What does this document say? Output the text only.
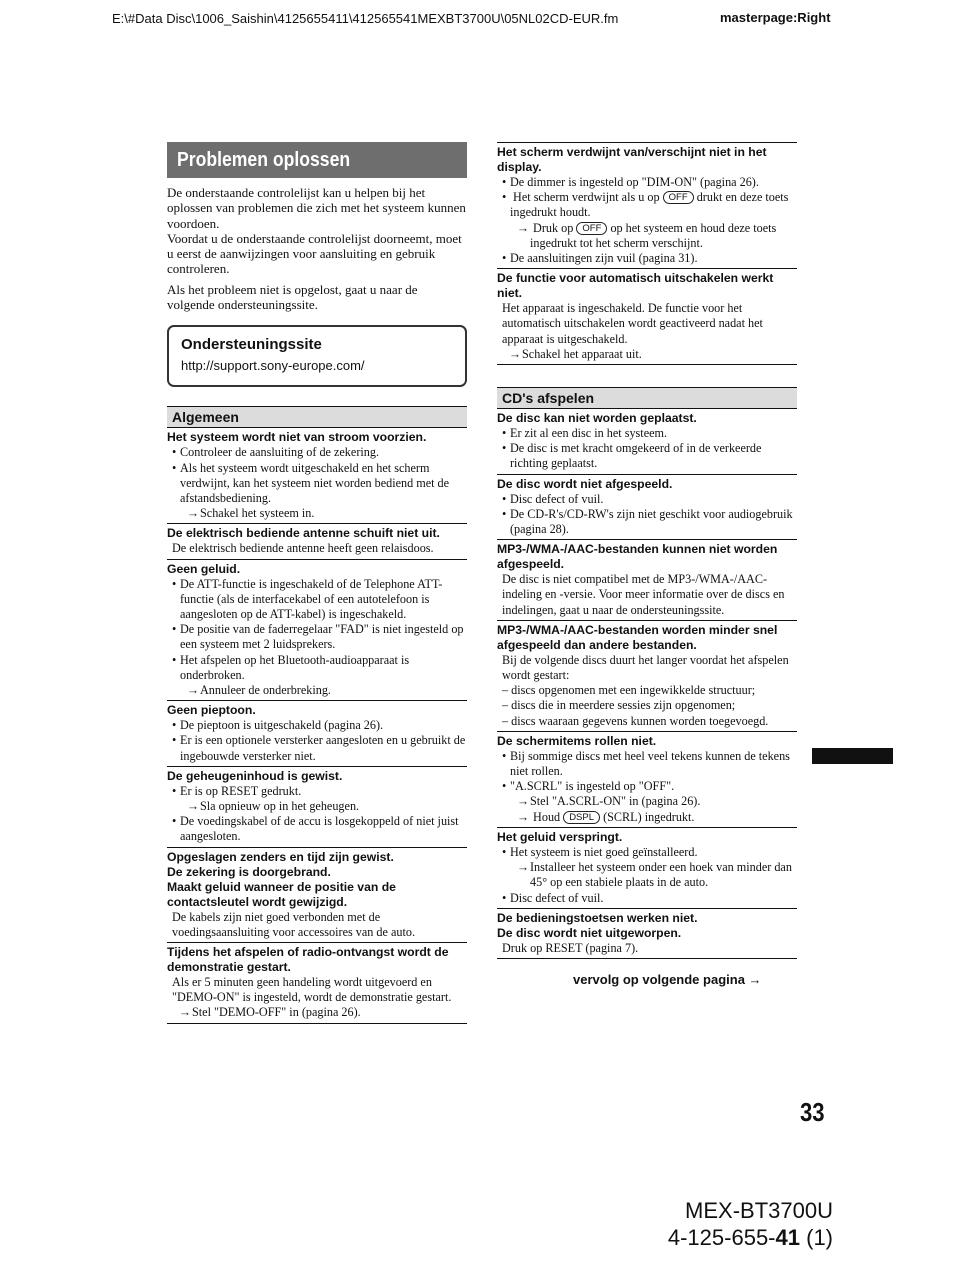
E:\#Data Disc\1006_Saishin\4125655411\412565541MEXBT3700U\05NL02CD-EUR.fm	masterpage:Right
Problemen oplossen

De onderstaande controlelijst kan u helpen bij het oplossen van problemen die zich met het systeem kunnen voordoen.
Voordat u de onderstaande controlelijst doorneemt, moet u eerst de aanwijzingen voor aansluiting en gebruik controleren.

Als het probleem niet is opgelost, gaat u naar de volgende ondersteuningssite.

Ondersteuningssite
http://support.sony-europe.com/
Algemeen
Het systeem wordt niet van stroom voorzien.
• Controleer de aansluiting of de zekering.
• Als het systeem wordt uitgeschakeld en het scherm verdwijnt, kan het systeem niet worden bediend met de afstandsbediening.
→ Schakel het systeem in.
De elektrisch bediende antenne schuift niet uit.
De elektrisch bediende antenne heeft geen relaisdoos.
Geen geluid.
• De ATT-functie is ingeschakeld of de Telephone ATT-functie (als de interfacekabel of een autotelefoon is aangesloten op de ATT-kabel) is ingeschakeld.
• De positie van de faderregelaar "FAD" is niet ingesteld op een systeem met 2 luidsprekers.
• Het afspelen op het Bluetooth-audioapparaat is onderbroken.
→ Annuleer de onderbreking.
Geen pieptoon.
• De pieptoon is uitgeschakeld (pagina 26).
• Er is een optionele versterker aangesloten en u gebruikt de ingebouwde versterker niet.
De geheugeninhoud is gewist.
• Er is op RESET gedrukt.
→ Sla opnieuw op in het geheugen.
• De voedingskabel of de accu is losgekoppeld of niet juist aangesloten.
Opgeslagen zenders en tijd zijn gewist.
De zekering is doorgebrand.
Maakt geluid wanneer de positie van de contactsleutel wordt gewijzigd.
De kabels zijn niet goed verbonden met de voedingsaansluiting voor accessoires van de auto.
Tijdens het afspelen of radio-ontvangst wordt de demonstratie gestart.
Als er 5 minuten geen handeling wordt uitgevoerd en "DEMO-ON" is ingesteld, wordt de demonstratie gestart.
→ Stel "DEMO-OFF" in (pagina 26).
Het scherm verdwijnt van/verschijnt niet in het display.
• De dimmer is ingesteld op "DIM-ON" (pagina 26).
• Het scherm verdwijnt als u op OFF drukt en deze toets ingedrukt houdt.
→ Druk op OFF op het systeem en houd deze toets ingedrukt tot het scherm verschijnt.
• De aansluitingen zijn vuil (pagina 31).
De functie voor automatisch uitschakelen werkt niet.
Het apparaat is ingeschakeld. De functie voor het automatisch uitschakelen wordt geactiveerd nadat het apparaat is uitgeschakeld.
→ Schakel het apparaat uit.
CD's afspelen
De disc kan niet worden geplaatst.
• Er zit al een disc in het systeem.
• De disc is met kracht omgekeerd of in de verkeerde richting geplaatst.
De disc wordt niet afgespeeld.
• Disc defect of vuil.
• De CD-R's/CD-RW's zijn niet geschikt voor audiogebruik (pagina 28).
MP3-/WMA-/AAC-bestanden kunnen niet worden afgespeeld.
De disc is niet compatibel met de MP3-/WMA-/AAC-indeling en -versie. Voor meer informatie over de discs en indelingen, gaat u naar de ondersteuningssite.
MP3-/WMA-/AAC-bestanden worden minder snel afgespeeld dan andere bestanden.
Bij de volgende discs duurt het langer voordat het afspelen wordt gestart:
– discs opgenomen met een ingewikkelde structuur;
– discs die in meerdere sessies zijn opgenomen;
– discs waaraan gegevens kunnen worden toegevoegd.
De schermitems rollen niet.
• Bij sommige discs met heel veel tekens kunnen de tekens niet rollen.
• "A.SCRL" is ingesteld op "OFF".
→ Stel "A.SCRL-ON" in (pagina 26).
→ Houd DSPL (SCRL) ingedrukt.
Het geluid verspringt.
• Het systeem is niet goed geïnstalleerd.
→ Installeer het systeem onder een hoek van minder dan 45° op een stabiele plaats in de auto.
• Disc defect of vuil.
De bedieningstoetsen werken niet.
De disc wordt niet uitgeworpen.
Druk op RESET (pagina 7).
vervolg op volgende pagina →
33
MEX-BT3700U
4-125-655-41 (1)
